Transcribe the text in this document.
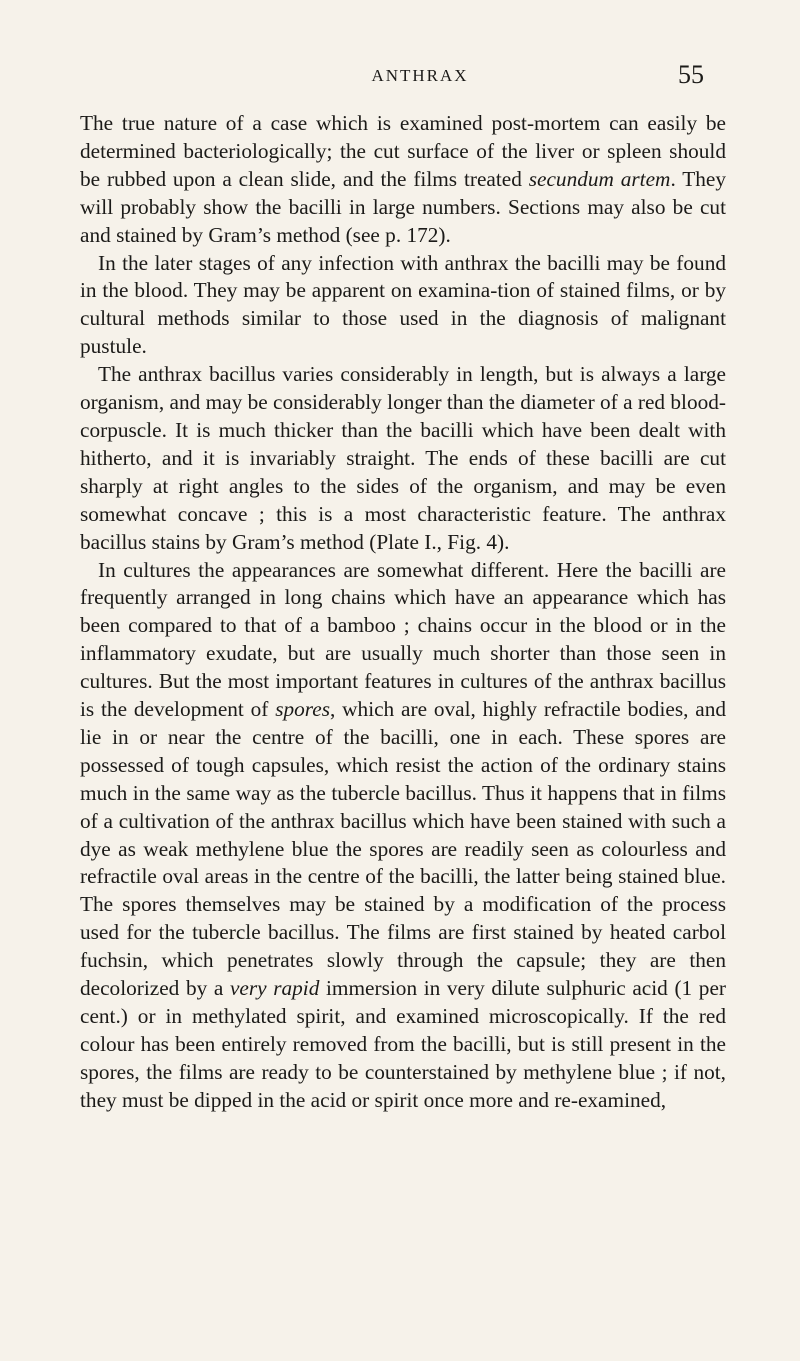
ANTHRAX	55

The true nature of a case which is examined post-mortem can easily be determined bacteriologically; the cut surface of the liver or spleen should be rubbed upon a clean slide, and the films treated secundum artem. They will probably show the bacilli in large numbers. Sections may also be cut and stained by Gram’s method (see p. 172).

In the later stages of any infection with anthrax the bacilli may be found in the blood. They may be apparent on examina-tion of stained films, or by cultural methods similar to those used in the diagnosis of malignant pustule.

The anthrax bacillus varies considerably in length, but is always a large organism, and may be considerably longer than the diameter of a red blood-corpuscle. It is much thicker than the bacilli which have been dealt with hitherto, and it is invariably straight. The ends of these bacilli are cut sharply at right angles to the sides of the organism, and may be even somewhat concave ; this is a most characteristic feature. The anthrax bacillus stains by Gram’s method (Plate I., Fig. 4).

In cultures the appearances are somewhat different. Here the bacilli are frequently arranged in long chains which have an appearance which has been compared to that of a bamboo ; chains occur in the blood or in the inflammatory exudate, but are usually much shorter than those seen in cultures. But the most important features in cultures of the anthrax bacillus is the development of spores, which are oval, highly refractile bodies, and lie in or near the centre of the bacilli, one in each. These spores are possessed of tough capsules, which resist the action of the ordinary stains much in the same way as the tubercle bacillus. Thus it happens that in films of a cultivation of the anthrax bacillus which have been stained with such a dye as weak methylene blue the spores are readily seen as colourless and refractile oval areas in the centre of the bacilli, the latter being stained blue. The spores themselves may be stained by a modification of the process used for the tubercle bacillus. The films are first stained by heated carbol fuchsin, which penetrates slowly through the capsule; they are then decolorized by a very rapid immersion in very dilute sulphuric acid (1 per cent.) or in methylated spirit, and examined microscopically. If the red colour has been entirely removed from the bacilli, but is still present in the spores, the films are ready to be counterstained by methylene blue ; if not, they must be dipped in the acid or spirit once more and re-examined,
